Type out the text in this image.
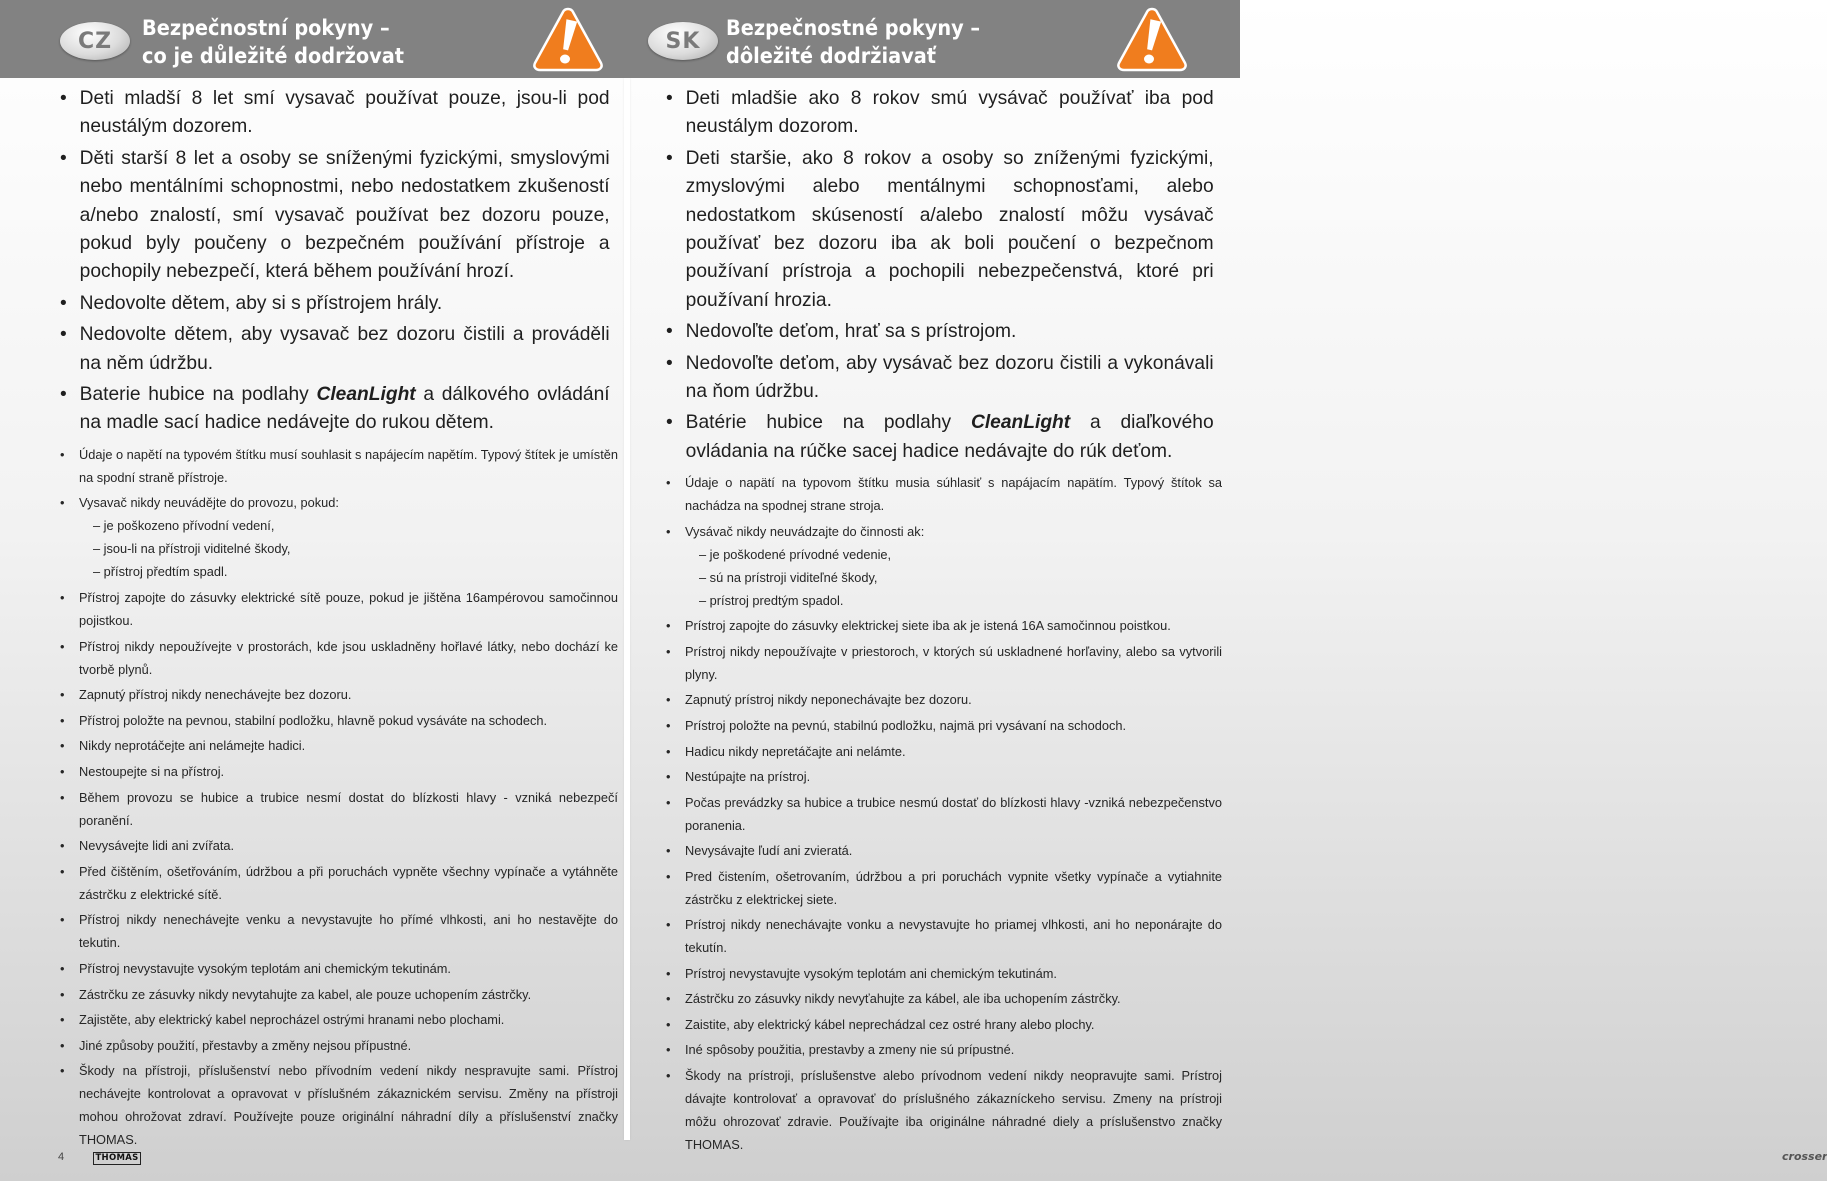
CZ
Bezpečnostní pokyny –
co je důležité dodržovat
• Deti mladší 8 let smí vysavač používat pouze, jsou-li pod neustálým dozorem.
• Děti starší 8 let a osoby se sníženými fyzickými, smyslovými nebo mentálními schopnostmi, nebo nedostatkem zkušeností a/nebo znalostí, smí vysavač používat bez dozoru pouze, pokud byly poučeny o bezpečném používání přístroje a pochopily nebezpečí, která během používání hrozí.
• Nedovolte dětem, aby si s přístrojem hrály.
• Nedovolte dětem, aby vysavač bez dozoru čistili a prováděli na něm údržbu.
• Baterie hubice na podlahy CleanLight a dálkového ovládání na madle sací hadice nedávejte do rukou dětem.
• Údaje o napětí na typovém štítku musí souhlasit s napájecím napětím. Typový štítek je umístěn na spodní straně přístroje.
• Vysavač nikdy neuvádějte do provozu, pokud:
– je poškozeno přívodní vedení,
– jsou-li na přístroji viditelné škody,
– přístroj předtím spadl.
• Přístroj zapojte do zásuvky elektrické sítě pouze, pokud je jištěna 16ampérovou samočinnou pojistkou.
• Přístroj nikdy nepoužívejte v prostorách, kde jsou uskladněny hořlavé látky, nebo dochází ke tvorbě plynů.
• Zapnutý přístroj nikdy nenechávejte bez dozoru.
• Přístroj položte na pevnou, stabilní podložku, hlavně pokud vysáváte na schodech.
• Nikdy neprotáčejte ani nelámejte hadici.
• Nestoupejte si na přístroj.
• Během provozu se hubice a trubice nesmí dostat do blízkosti hlavy - vzniká nebezpečí poranění.
• Nevysávejte lidi ani zvířata.
• Před čištěním, ošetřováním, údržbou a při poruchách vypněte všechny vypínače a vytáhněte zástrčku z elektrické sítě.
• Přístroj nikdy nenechávejte venku a nevystavujte ho přímé vlhkosti, ani ho nestavějte do tekutin.
• Přístroj nevystavujte vysokým teplotám ani chemickým tekutinám.
• Zástrčku ze zásuvky nikdy nevytahujte za kabel, ale pouze uchopením zástrčky.
• Zajistěte, aby elektrický kabel neprocházel ostrými hranami nebo plochami.
• Jiné způsoby použití, přestavby a změny nejsou přípustné.
• Škody na přístroji, příslušenství nebo přívodním vedení nikdy nespravujte sami. Přístroj nechávejte kontrolovat a opravovat v příslušném zákaznickém servisu. Změny na přístroji mohou ohrožovat zdraví. Používejte pouze originální náhradní díly a příslušenství značky THOMAS.
4	THOMAS
SK
Bezpečnostné pokyny –
dôležité dodržiavať
• Deti mladšie ako 8 rokov smú vysávač používať iba pod neustálym dozorom.
• Deti staršie, ako 8 rokov a osoby so zníženými fyzickými, zmyslovými alebo mentálnymi schopnosťami, alebo nedostatkom skúseností a/alebo znalostí môžu vysávač používať bez dozoru iba ak boli poučení o bezpečnom používaní prístroja a pochopili nebezpečenstvá, ktoré pri používaní hrozia.
• Nedovoľte deťom, hrať sa s prístrojom.
• Nedovoľte deťom, aby vysávač bez dozoru čistili a vykonávali na ňom údržbu.
• Batérie hubice na podlahy CleanLight a diaľkového ovládania na rúčke sacej hadice nedávajte do rúk deťom.
• Údaje o napätí na typovom štítku musia súhlasiť s napájacím napätím. Typový štítok sa nachádza na spodnej strane stroja.
• Vysávač nikdy neuvádzajte do činnosti ak:
– je poškodené prívodné vedenie,
– sú na prístroji viditeľné škody,
– prístroj predtým spadol.
• Prístroj zapojte do zásuvky elektrickej siete iba ak je istená 16A samočinnou poistkou.
• Prístroj nikdy nepoužívajte v priestoroch, v ktorých sú uskladnené horľaviny, alebo sa vytvorili plyny.
• Zapnutý prístroj nikdy neponechávajte bez dozoru.
• Prístroj položte na pevnú, stabilnú podložku, najmä pri vysávaní na schodoch.
• Hadicu nikdy nepretáčajte ani nelámte.
• Nestúpajte na prístroj.
• Počas prevádzky sa hubice a trubice nesmú dostať do blízkosti hlavy -vzniká nebezpečenstvo poranenia.
• Nevysávajte ľudí ani zvieratá.
• Pred čistením, ošetrovaním, údržbou a pri poruchách vypnite všetky vypínače a vytiahnite zástrčku z elektrickej siete.
• Prístroj nikdy nenechávajte vonku a nevystavujte ho priamej vlhkosti, ani ho neponárajte do tekutín.
• Prístroj nevystavujte vysokým teplotám ani chemickým tekutinám.
• Zástrčku zo zásuvky nikdy nevyťahujte za kábel, ale iba uchopením zástrčky.
• Zaistite, aby elektrický kábel neprechádzal cez ostré hrany alebo plochy.
• Iné spôsoby použitia, prestavby a zmeny nie sú prípustné.
• Škody na prístroji, príslušenstve alebo prívodnom vedení nikdy neopravujte sami. Prístroj dávajte kontrolovať a opravovať do príslušného zákazníckeho servisu. Zmeny na prístroji môžu ohrozovať zdravie. Používajte iba originálne náhradné diely a príslušenstvo značky THOMAS.
crosser
